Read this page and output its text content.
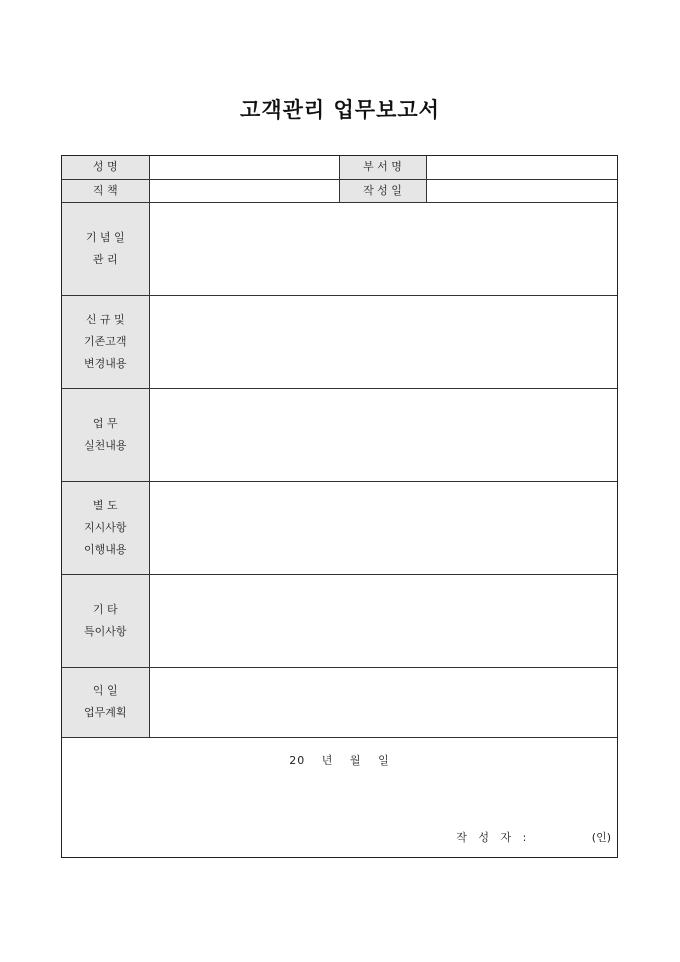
고객관리 업무보고서
성 명		부 서 명	
직 책		작 성 일	

기 념 일
관 리			

신 규 및
기존고객
변경내용			

업 무
실천내용			

별 도
지시사항
이행내용			

기 타
특이사항			

익 일
업무계획			

20 년 월 일
작 성 자 :	(인)
